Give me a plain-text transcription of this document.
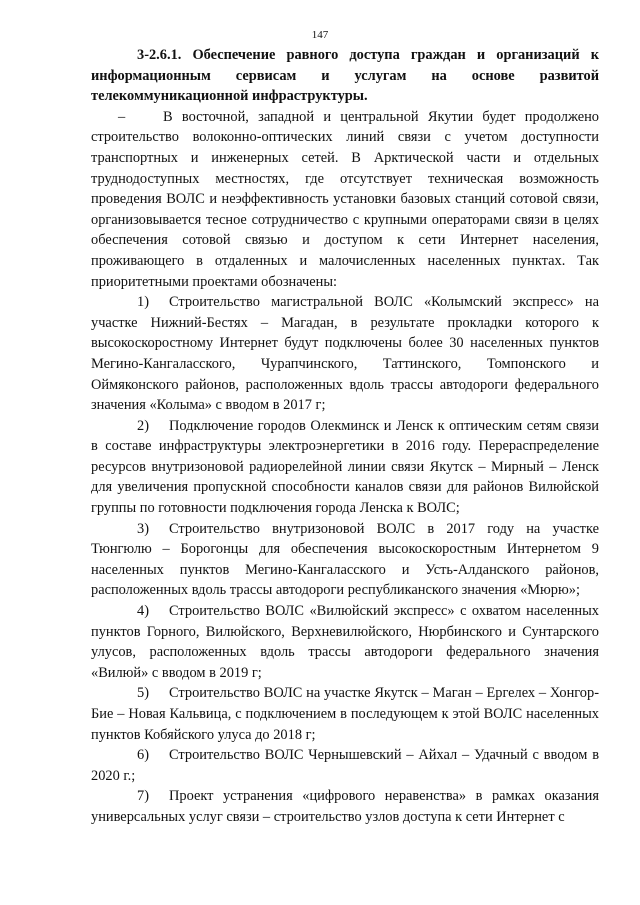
147

3-2.6.1. Обеспечение равного доступа граждан и организаций к информационным сервисам и услугам на основе развитой телекоммуникационной инфраструктуры.

–	В восточной, западной и центральной Якутии будет продолжено строительство волоконно-оптических линий связи с учетом доступности транспортных и инженерных сетей. В Арктической части и отдельных труднодоступных местностях, где отсутствует техническая возможность проведения ВОЛС и неэффективность установки базовых станций сотовой связи, организовывается тесное сотрудничество с крупными операторами связи в целях обеспечения сотовой связью и доступом к сети Интернет населения, проживающего в отдаленных и малочисленных населенных пунктах. Так приоритетными проектами обозначены:

1) Строительство магистральной ВОЛС «Колымский экспресс» на участке Нижний-Бестях – Магадан, в результате прокладки которого к высокоскоростному Интернет будут подключены более 30 населенных пунктов Мегино-Кангаласского, Чурапчинского, Таттинского, Томпонского и Оймяконского районов, расположенных вдоль трассы автодороги федерального значения «Колыма» с вводом в 2017 г;

2) Подключение городов Олекминск и Ленск к оптическим сетям связи в составе инфраструктуры электроэнергетики в 2016 году. Перераспределение ресурсов внутризоновой радиорелейной линии связи Якутск – Мирный – Ленск для увеличения пропускной способности каналов связи для районов Вилюйской группы по готовности подключения города Ленска к ВОЛС;

3) Строительство внутризоновой ВОЛС в 2017 году на участке Тюнгюлю – Борогонцы для обеспечения высокоскоростным Интернетом 9 населенных пунктов Мегино-Кангаласского и Усть-Алданского районов, расположенных вдоль трассы автодороги республиканского значения «Мюрю»;

4) Строительство ВОЛС «Вилюйский экспресс» с охватом населенных пунктов Горного, Вилюйского, Верхневилюйского, Нюрбинского и Сунтарского улусов, расположенных вдоль трассы автодороги федерального значения «Вилюй» с вводом в 2019 г;

5) Строительство ВОЛС на участке Якутск – Маган – Ергелех – Хонгор-Бие – Новая Кальвица, с подключением в последующем к этой ВОЛС населенных пунктов Кобяйского улуса до 2018 г;

6) Строительство ВОЛС Чернышевский – Айхал – Удачный с вводом в 2020 г.;

7) Проект устранения «цифрового неравенства» в рамках оказания универсальных услуг связи – строительство узлов доступа к сети Интернет с
